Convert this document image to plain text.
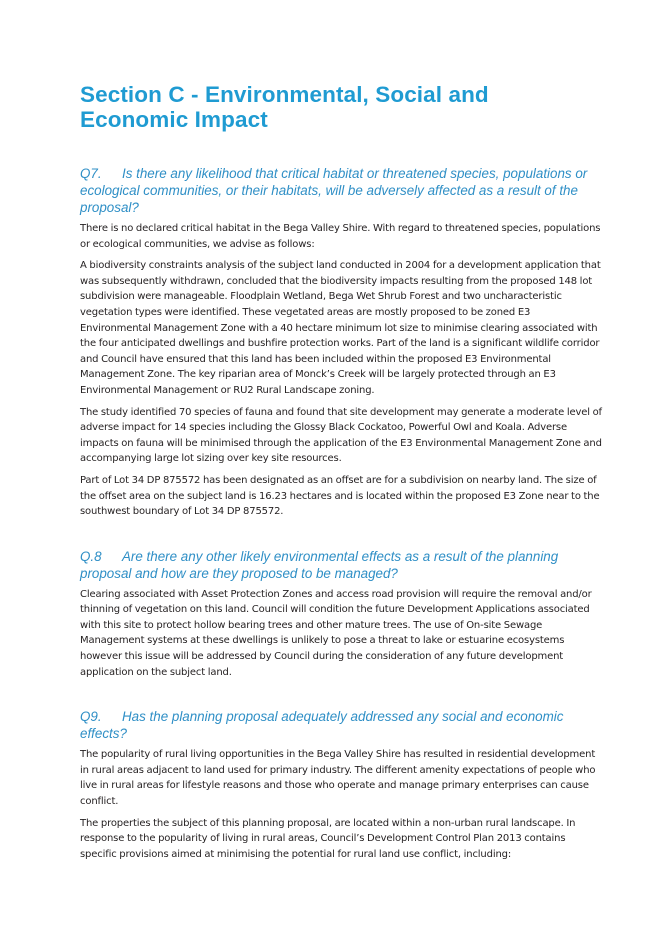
Section C - Environmental, Social and Economic Impact
Q7. Is there any likelihood that critical habitat or threatened species, populations or ecological communities, or their habitats, will be adversely affected as a result of the proposal?

There is no declared critical habitat in the Bega Valley Shire. With regard to threatened species, populations or ecological communities, we advise as follows:

A biodiversity constraints analysis of the subject land conducted in 2004 for a development application that was subsequently withdrawn, concluded that the biodiversity impacts resulting from the proposed 148 lot subdivision were manageable. Floodplain Wetland, Bega Wet Shrub Forest and two uncharacteristic vegetation types were identified. These vegetated areas are mostly proposed to be zoned E3 Environmental Management Zone with a 40 hectare minimum lot size to minimise clearing associated with the four anticipated dwellings and bushfire protection works. Part of the land is a significant wildlife corridor and Council have ensured that this land has been included within the proposed E3 Environmental Management Zone. The key riparian area of Monck’s Creek will be largely protected through an E3 Environmental Management or RU2 Rural Landscape zoning.

The study identified 70 species of fauna and found that site development may generate a moderate level of adverse impact for 14 species including the Glossy Black Cockatoo, Powerful Owl and Koala. Adverse impacts on fauna will be minimised through the application of the E3 Environmental Management Zone and accompanying large lot sizing over key site resources.

Part of Lot 34 DP 875572 has been designated as an offset are for a subdivision on nearby land. The size of the offset area on the subject land is 16.23 hectares and is located within the proposed E3 Zone near to the southwest boundary of Lot 34 DP 875572.

Q.8 Are there any other likely environmental effects as a result of the planning proposal and how are they proposed to be managed?

Clearing associated with Asset Protection Zones and access road provision will require the removal and/or thinning of vegetation on this land. Council will condition the future Development Applications associated with this site to protect hollow bearing trees and other mature trees. The use of On-site Sewage Management systems at these dwellings is unlikely to pose a threat to lake or estuarine ecosystems however this issue will be addressed by Council during the consideration of any future development application on the subject land.

Q9. Has the planning proposal adequately addressed any social and economic effects?

The popularity of rural living opportunities in the Bega Valley Shire has resulted in residential development in rural areas adjacent to land used for primary industry. The different amenity expectations of people who live in rural areas for lifestyle reasons and those who operate and manage primary enterprises can cause conflict.

The properties the subject of this planning proposal, are located within a non-urban rural landscape. In response to the popularity of living in rural areas, Council’s Development Control Plan 2013 contains specific provisions aimed at minimising the potential for rural land use conflict, including:
